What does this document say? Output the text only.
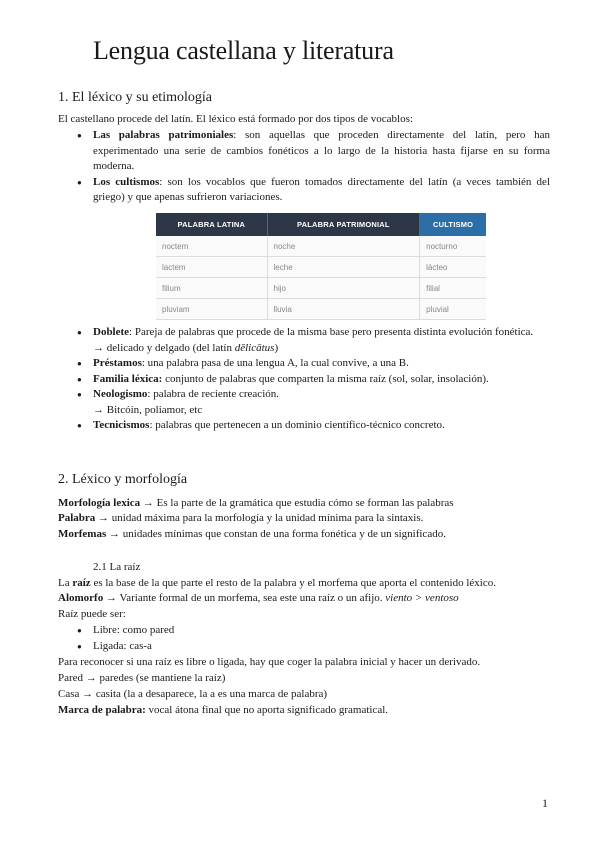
Lengua castellana y literatura
1. El léxico y su etimología

El castellano procede del latín. El léxico está formado por dos tipos de vocablos:

● Las palabras patrimoniales: son aquellas que proceden directamente del latín, pero han experimentado una serie de cambios fonéticos a lo largo de la historia hasta fijarse en su forma moderna.
● Los cultismos: son los vocablos que fueron tomados directamente del latín (a veces también del griego) y que apenas sufrieron variaciones.
PALABRA LATINA	PALABRA PATRIMONIAL	CULTISMO
noctem	noche	nocturno
lactem	leche	lácteo
filium	hijo	filial
pluviam	lluvia	pluvial
● Doblete: Pareja de palabras que procede de la misma base pero presenta distinta evolución fonética.
→ delicado y delgado (del latín dēlicātus)
● Préstamos: una palabra pasa de una lengua A, la cual convive, a una B.
● Familia léxica: conjunto de palabras que comparten la misma raíz (sol, solar, insolación).
● Neologismo: palabra de reciente creación.
→ Bitcóin, poliamor, etc
● Tecnicismos: palabras que pertenecen a un dominio científico-técnico concreto.
2. Léxico y morfología

Morfología lexica → Es la parte de la gramática que estudia cómo se forman las palabras

Palabra → unidad máxima para la morfología y la unidad mínima para la sintaxis.

Morfemas → unidades mínimas que constan de una forma fonética y de un significado.

2.1 La raíz

La raíz es la base de la que parte el resto de la palabra y el morfema que aporta el contenido léxico.

Alomorfo → Variante formal de un morfema, sea este una raíz o un afijo. viento > ventoso

Raíz puede ser:

● Libre: como pared
● Ligada: cas-a

Para reconocer si una raíz es libre o ligada, hay que coger la palabra inicial y hacer un derivado.

Pared → paredes (se mantiene la raíz)

Casa → casita (la a desaparece, la a es una marca de palabra)

Marca de palabra: vocal átona final que no aporta significado gramatical.

1
